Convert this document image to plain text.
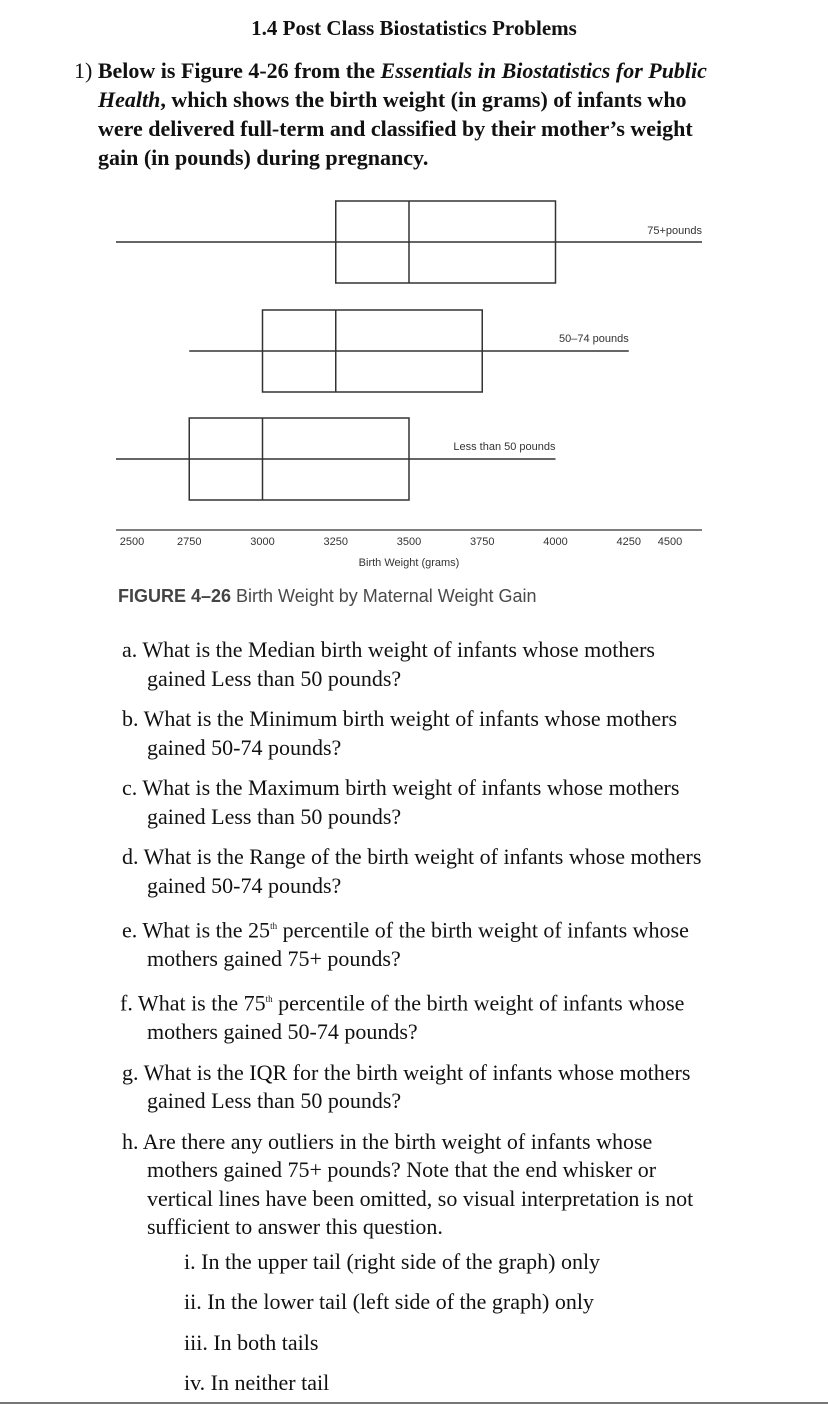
1.4 Post Class Biostatistics Problems
1) Below is Figure 4-26 from the Essentials in Biostatistics for Public
Health, which shows the birth weight (in grams) of infants who
were delivered full-term and classified by their mother’s weight
gain (in pounds) during pregnancy.
75+pounds
50–74 pounds
Less than 50 pounds
2500	2750	3000	3250	3500	3750	4000	4250 4500
Birth Weight (grams)
FIGURE 4–26 Birth Weight by Maternal Weight Gain
a. What is the Median birth weight of infants whose mothers
gained Less than 50 pounds?
b. What is the Minimum birth weight of infants whose mothers
gained 50-74 pounds?
c. What is the Maximum birth weight of infants whose mothers
gained Less than 50 pounds?
d. What is the Range of the birth weight of infants whose mothers
gained 50-74 pounds?
e. What is the 25th percentile of the birth weight of infants whose
mothers gained 75+ pounds?
f. What is the 75th percentile of the birth weight of infants whose
mothers gained 50-74 pounds?
g. What is the IQR for the birth weight of infants whose mothers
gained Less than 50 pounds?
h. Are there any outliers in the birth weight of infants whose
mothers gained 75+ pounds? Note that the end whisker or
vertical lines have been omitted, so visual interpretation is not
sufficient to answer this question.
i. In the upper tail (right side of the graph) only
ii. In the lower tail (left side of the graph) only
iii. In both tails
iv. In neither tail
